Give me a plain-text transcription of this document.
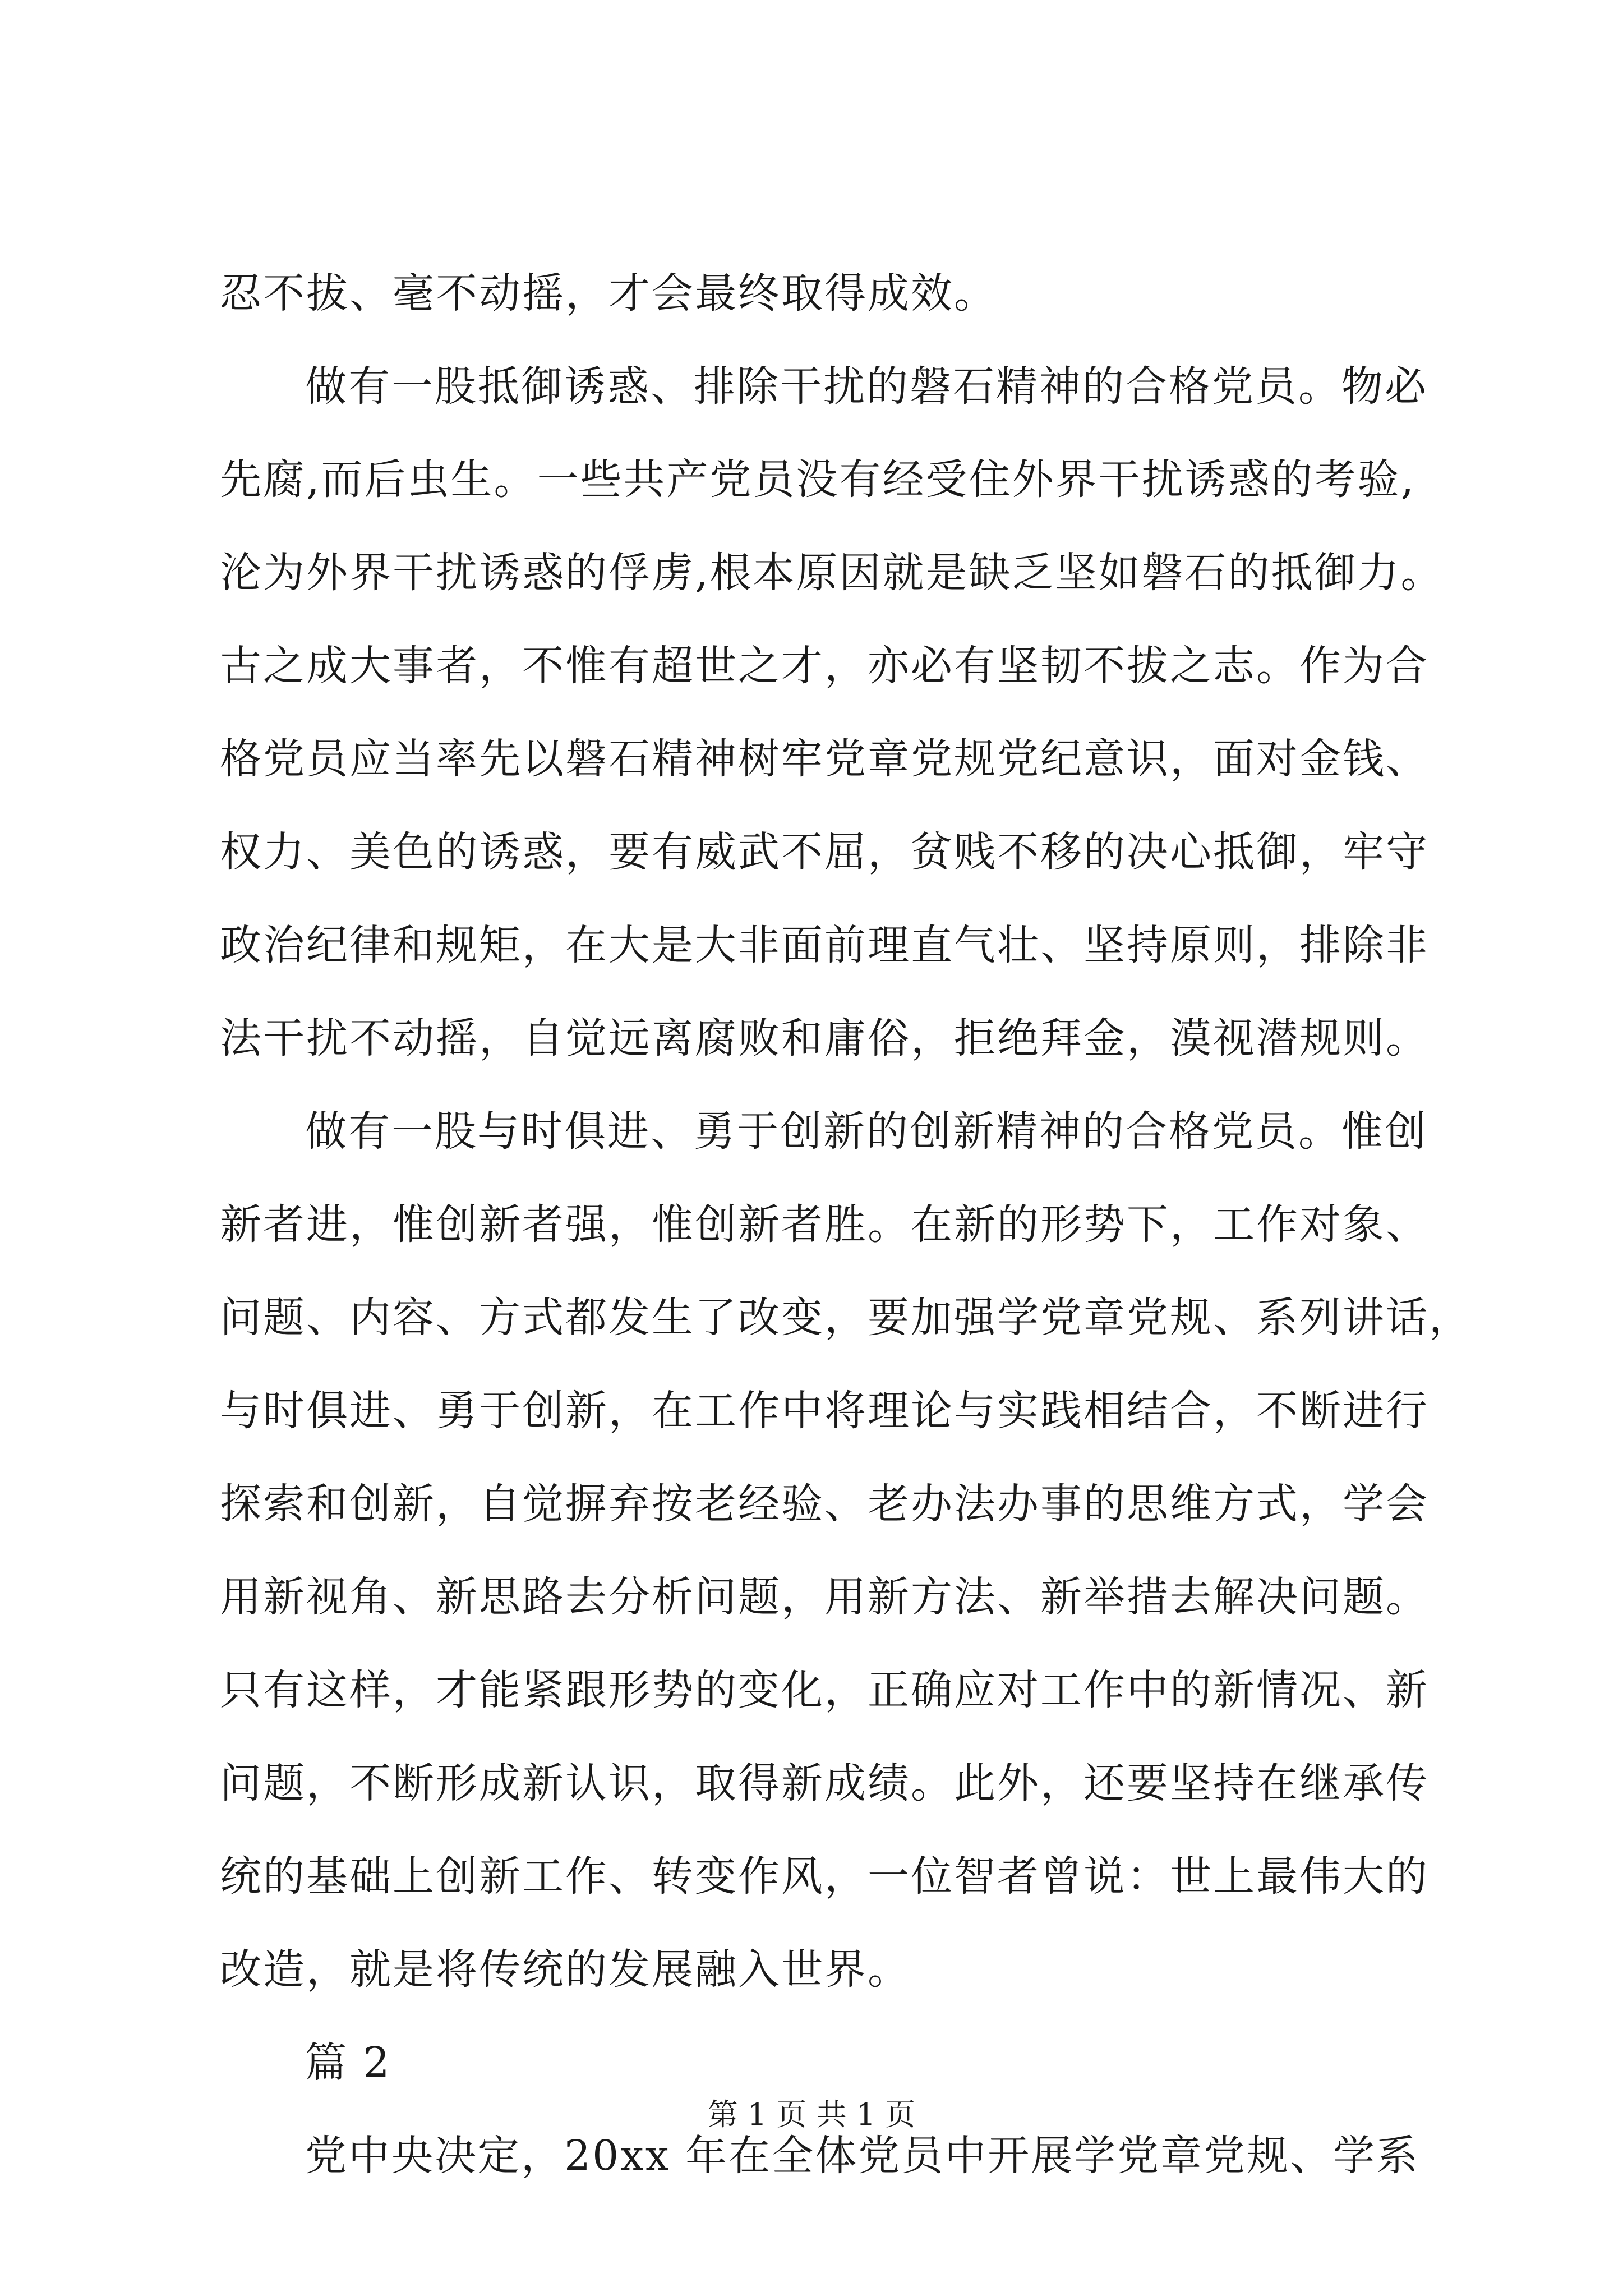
忍不拔、毫不动摇，才会最终取得成效。
做有一股抵御诱惑、排除干扰的磐石精神的合格党员。物必
先腐,而后虫生。一些共产党员没有经受住外界干扰诱惑的考验,
沦为外界干扰诱惑的俘虏,根本原因就是缺乏坚如磐石的抵御力。
古之成大事者，不惟有超世之才，亦必有坚韧不拔之志。作为合
格党员应当率先以磐石精神树牢党章党规党纪意识，面对金钱、
权力、美色的诱惑，要有威武不屈，贫贱不移的决心抵御，牢守
政治纪律和规矩，在大是大非面前理直气壮、坚持原则，排除非
法干扰不动摇，自觉远离腐败和庸俗，拒绝拜金，漠视潜规则。
做有一股与时俱进、勇于创新的创新精神的合格党员。惟创
新者进，惟创新者强，惟创新者胜。在新的形势下，工作对象、
问题、内容、方式都发生了改变，要加强学党章党规、系列讲话，
与时俱进、勇于创新，在工作中将理论与实践相结合，不断进行
探索和创新，自觉摒弃按老经验、老办法办事的思维方式，学会
用新视角、新思路去分析问题，用新方法、新举措去解决问题。
只有这样，才能紧跟形势的变化，正确应对工作中的新情况、新
问题，不断形成新认识，取得新成绩。此外，还要坚持在继承传
统的基础上创新工作、转变作风，一位智者曾说：世上最伟大的
改造，就是将传统的发展融入世界。
篇 2
党中央决定，20xx 年在全体党员中开展学党章党规、学系
第 1 页 共 1 页
